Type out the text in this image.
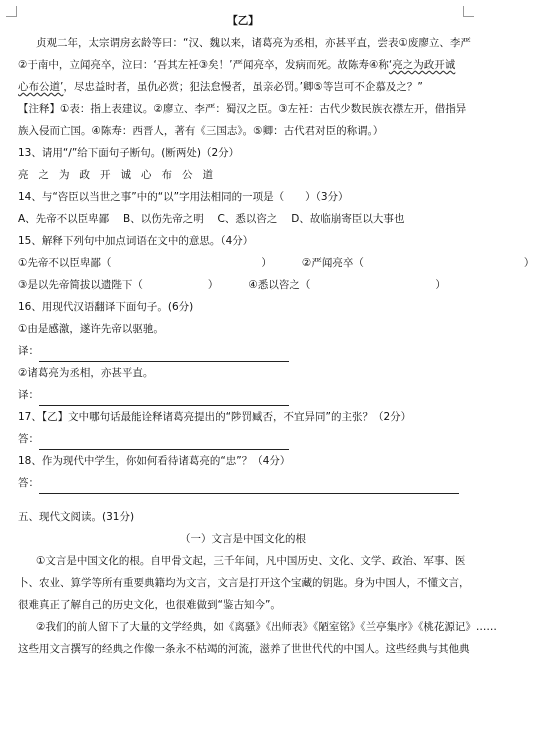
【乙】
贞观二年，太宗谓房玄龄等曰：“汉、魏以来，诸葛亮为丞相，亦甚平直，尝表①废廖立、李严
②于南中，立闻亮卒，泣曰：‘吾其左衽③矣！’严闻亮卒，发病而死。故陈寿④称‘亮之为政开诚
心布公道’，尽忠益时者，虽仇必赏；犯法怠慢者，虽亲必罚。’卿⑤等岂可不企慕及之？”
【注释】①表：指上表建议。②廖立、李严：蜀汉之臣。③左衽：古代少数民族衣襟左开，借指异
族入侵而亡国。④陈寿：西晋人，著有《三国志》。⑤卿：古代君对臣的称谓。）
13、请用“/”给下面句子断句。(断两处)（2分）
亮之为政开诚心布公道
14、与“咨臣以当世之事”中的“以”字用法相同的一项是（　　）（3分）
A、先帝不以臣卑鄙　 B、以伤先帝之明　 C、悉以咨之　 D、故临崩寄臣以大事也
15、解释下列句中加点词语在文中的意思。（4分）
①先帝不以臣卑鄙（	）	②严闻亮卒（	）
③是以先帝简拔以遗陛下（	）	④悉以咨之（	）
16、用现代汉语翻译下面句子。(6分)
①由是感激，遂许先帝以驱驰。
译：
②诸葛亮为丞相，亦甚平直。
译：
17、【乙】文中哪句话最能诠释诸葛亮提出的“陟罚臧否，不宜异同”的主张？（2分）
答：
18、作为现代中学生，你如何看待诸葛亮的“忠”？（4分）
答：
五、现代文阅读。(31分)
（一）文言是中国文化的根
①文言是中国文化的根。自甲骨文起，三千年间，凡中国历史、文化、文学、政治、军事、医
卜、农业、算学等所有重要典籍均为文言，文言是打开这个宝藏的钥匙。身为中国人，不懂文言，
很难真正了解自己的历史文化，也很难做到“鉴古知今”。
②我们的前人留下了大量的文学经典，如《离骚》《出师表》《陋室铭》《兰亭集序》《桃花源记》……
这些用文言撰写的经典之作像一条永不枯竭的河流，滋养了世世代代的中国人。这些经典与其他典
